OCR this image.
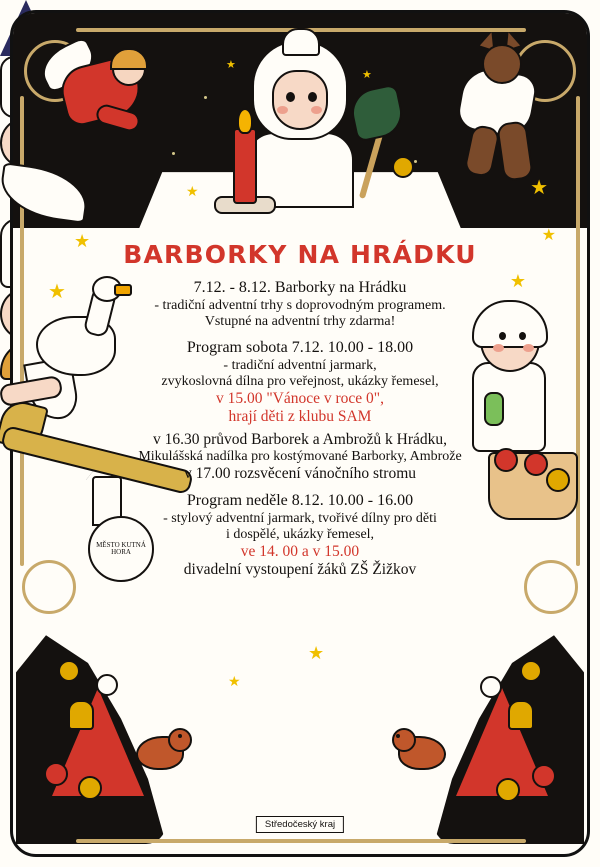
★
★
★	★
★
★
★
★
MĚSTO KUTNÁ HORA
★
★
BARBORKY NA HRÁDKU

7.12. - 8.12. Barborky na Hrádku

- tradiční adventní trhy s doprovodným programem.

Vstupné na adventní trhy zdarma!

Program sobota 7.12. 10.00 - 18.00

- tradiční adventní jarmark,

zvykoslovná dílna pro veřejnost, ukázky řemesel,

v 15.00 "Vánoce v roce 0",

hrají děti z klubu SAM

v 16.30 průvod Barborek a Ambrožů k Hrádku,

Mikulášská nadílka pro kostýmované Barborky, Ambrože

v 17.00 rozsvěcení vánočního stromu

Program neděle 8.12. 10.00 - 16.00

- stylový adventní jarmark, tvořivé dílny pro děti

i dospělé, ukázky řemesel,

ve 14. 00 a v 15.00

divadelní vystoupení žáků ZŠ Žižkov

Středočeský kraj
